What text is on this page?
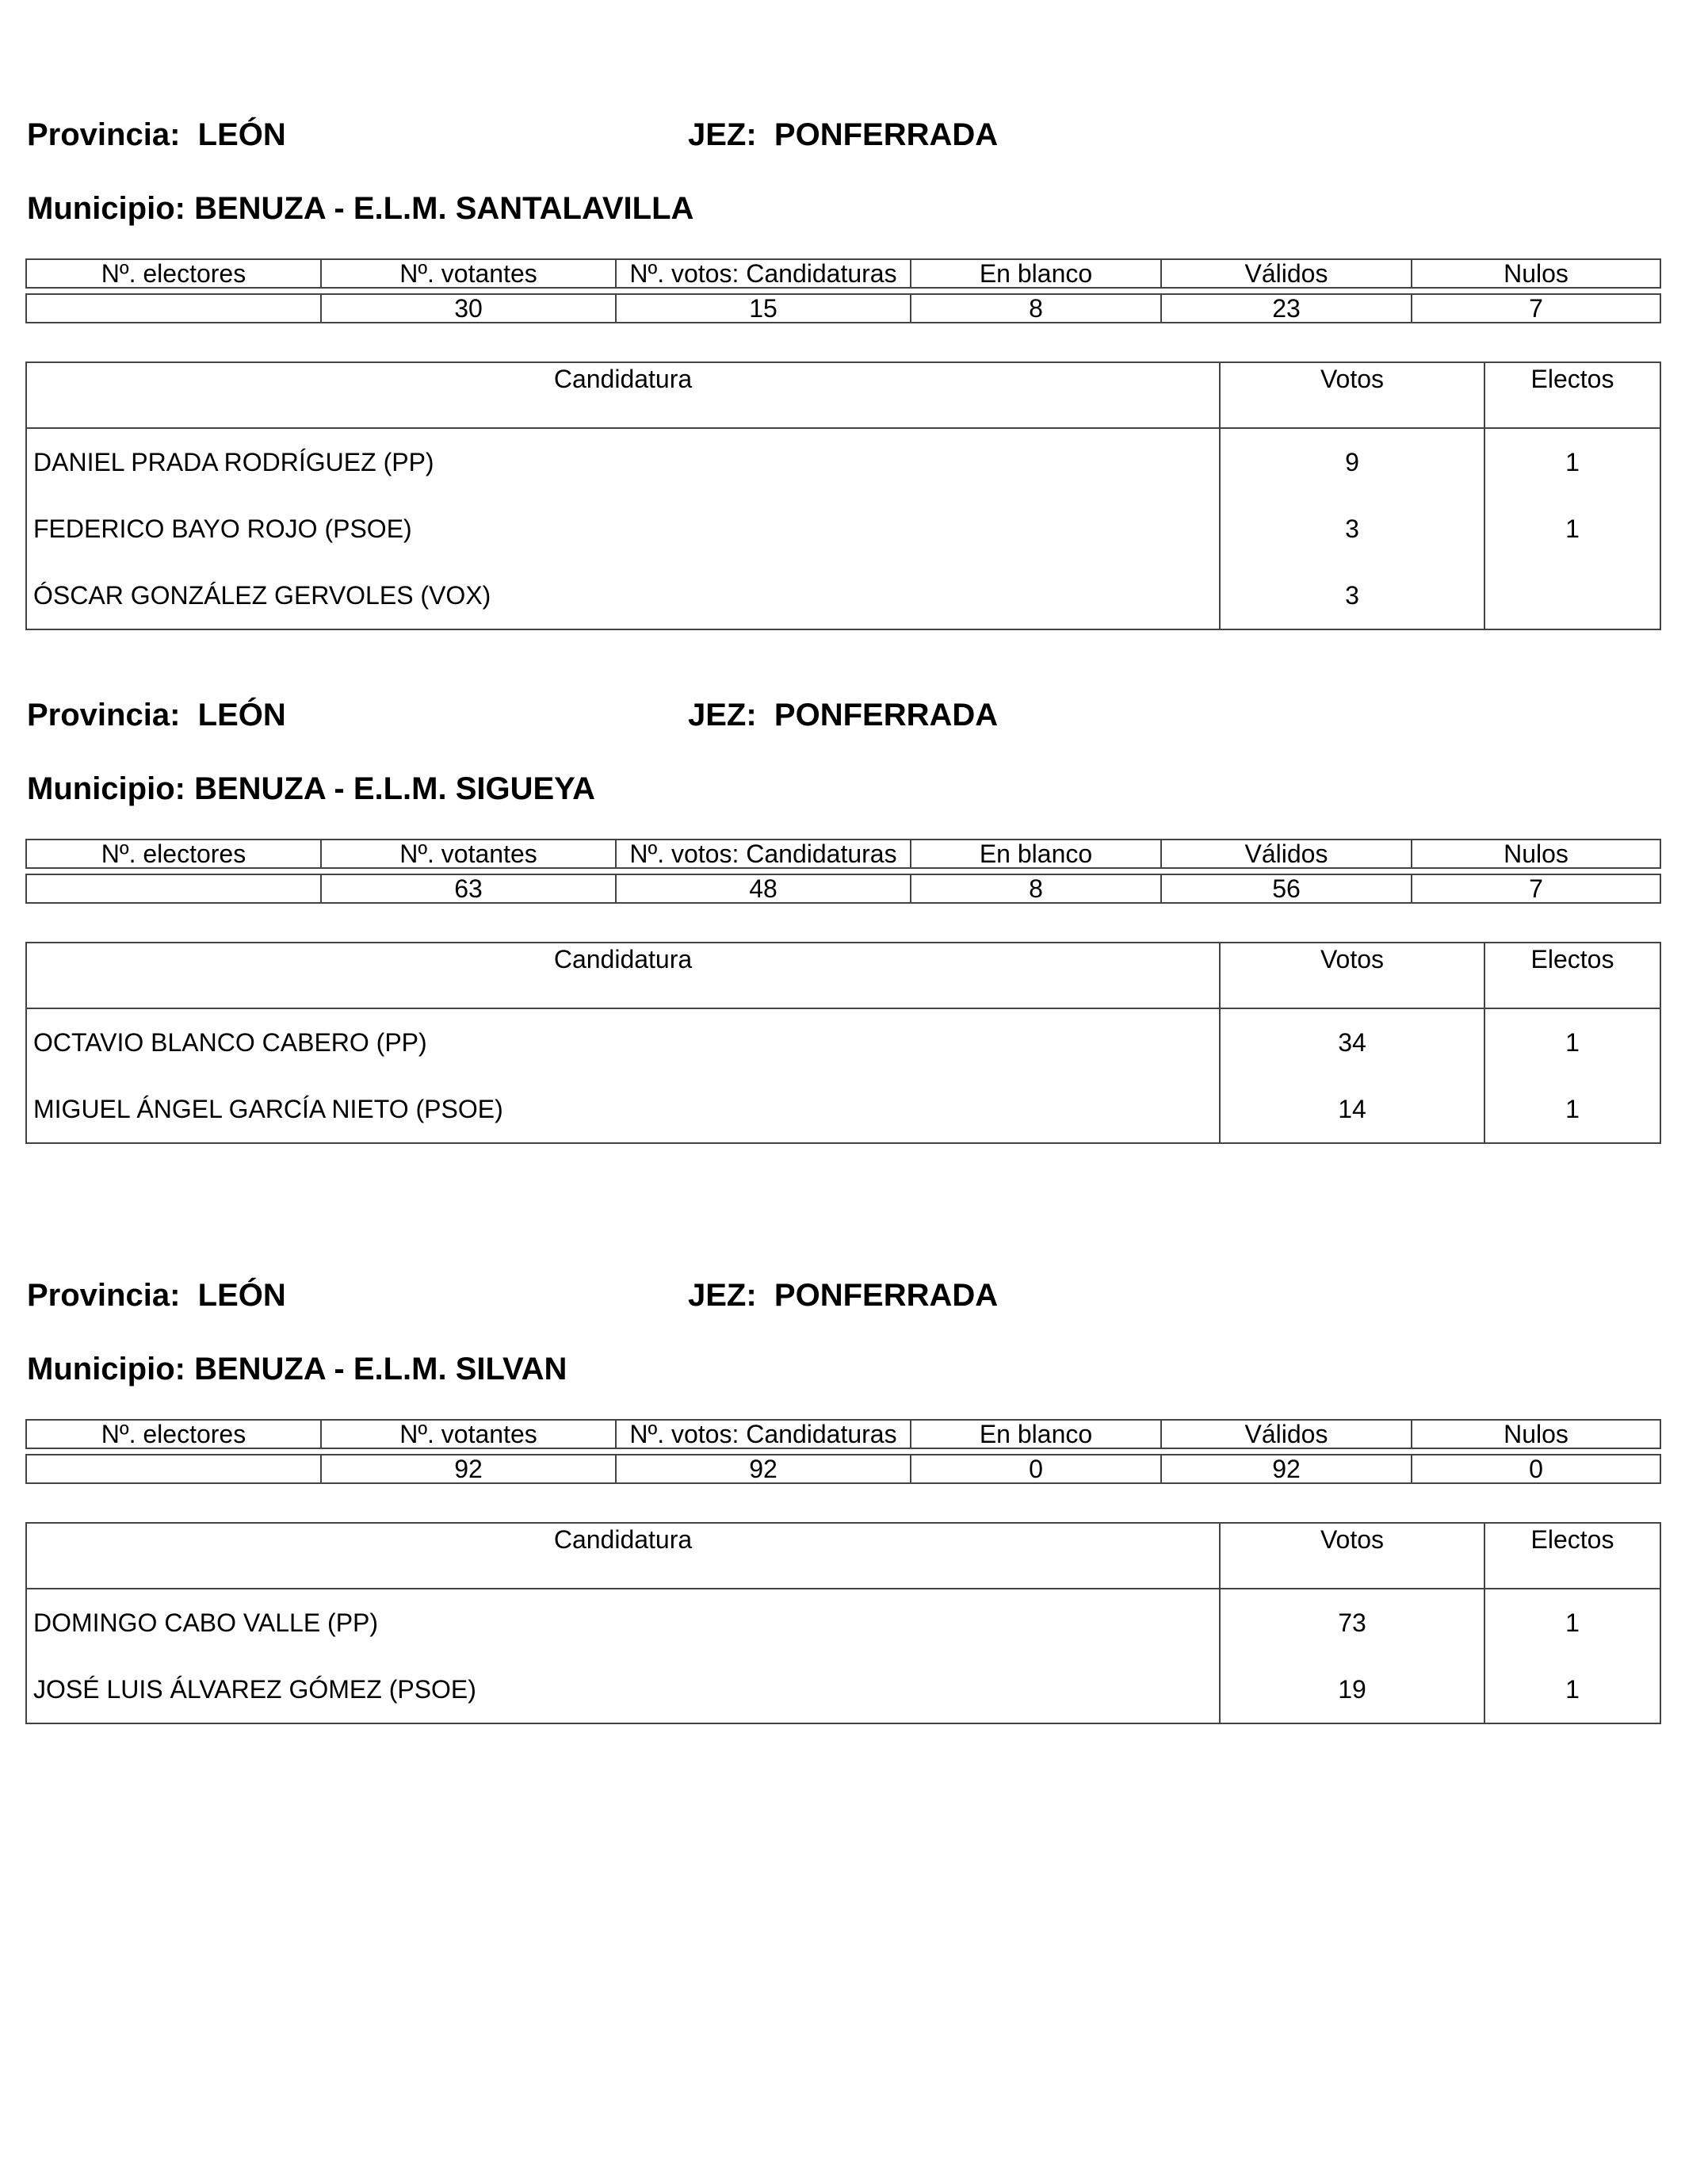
Provincia: LEÓN	JEZ: PONFERRADA
Municipio: BENUZA - E.L.M. SANTALAVILLA
Nº. electores	Nº. votantes	Nº. votos: Candidaturas	En blanco	Válidos	Nulos

	30	15	8	23	7
Candidatura	Votos	Electos
DANIEL PRADA RODRÍGUEZ (PP)	9	1
FEDERICO BAYO ROJO (PSOE)	3	1
ÓSCAR GONZÁLEZ GERVOLES (VOX)	3	
Provincia: LEÓN	JEZ: PONFERRADA
Municipio: BENUZA - E.L.M. SIGUEYA
Nº. electores	Nº. votantes	Nº. votos: Candidaturas	En blanco	Válidos	Nulos

	63	48	8	56	7
Candidatura	Votos	Electos
OCTAVIO BLANCO CABERO (PP)	34	1
MIGUEL ÁNGEL GARCÍA NIETO (PSOE)	14	1
Provincia: LEÓN	JEZ: PONFERRADA
Municipio: BENUZA - E.L.M. SILVAN
Nº. electores	Nº. votantes	Nº. votos: Candidaturas	En blanco	Válidos	Nulos

	92	92	0	92	0
Candidatura	Votos	Electos
DOMINGO CABO VALLE (PP)	73	1
JOSÉ LUIS ÁLVAREZ GÓMEZ (PSOE)	19	1
